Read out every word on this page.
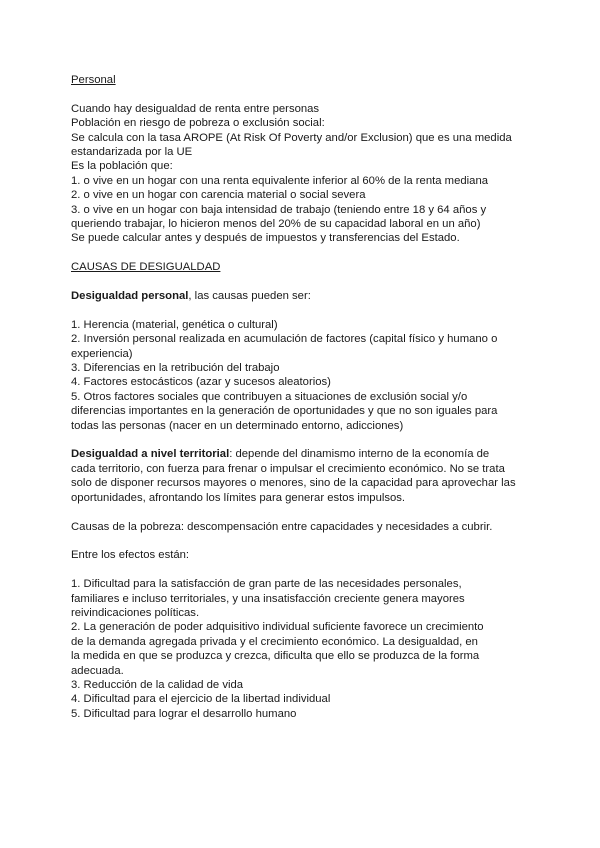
Personal
Cuando hay desigualdad de renta entre personas
Población en riesgo de pobreza o exclusión social:
Se calcula con la tasa AROPE (At Risk Of Poverty and/or Exclusion) que es una medida
estandarizada por la UE
Es la población que:
1. o vive en un hogar con una renta equivalente inferior al 60% de la renta mediana
2. o vive en un hogar con carencia material o social severa
3. o vive en un hogar con baja intensidad de trabajo (teniendo entre 18 y 64 años y
queriendo trabajar, lo hicieron menos del 20% de su capacidad laboral en un año)
Se puede calcular antes y después de impuestos y transferencias del Estado.
CAUSAS DE DESIGUALDAD
Desigualdad personal, las causas pueden ser:
1. Herencia (material, genética o cultural)
2. Inversión personal realizada en acumulación de factores (capital físico y humano o
experiencia)
3. Diferencias en la retribución del trabajo
4. Factores estocásticos (azar y sucesos aleatorios)
5. Otros factores sociales que contribuyen a situaciones de exclusión social y/o
diferencias importantes en la generación de oportunidades y que no son iguales para
todas las personas (nacer en un determinado entorno, adicciones)
Desigualdad a nivel territorial: depende del dinamismo interno de la economía de
cada territorio, con fuerza para frenar o impulsar el crecimiento económico. No se trata
solo de disponer recursos mayores o menores, sino de la capacidad para aprovechar las
oportunidades, afrontando los límites para generar estos impulsos.
Causas de la pobreza: descompensación entre capacidades y necesidades a cubrir.
Entre los efectos están:
1. Dificultad para la satisfacción de gran parte de las necesidades personales,
familiares e incluso territoriales, y una insatisfacción creciente genera mayores
reivindicaciones políticas.
2. La generación de poder adquisitivo individual suficiente favorece un crecimiento
de la demanda agregada privada y el crecimiento económico. La desigualdad, en
la medida en que se produzca y crezca, dificulta que ello se produzca de la forma
adecuada.
3. Reducción de la calidad de vida
4. Dificultad para el ejercicio de la libertad individual
5. Dificultad para lograr el desarrollo humano
